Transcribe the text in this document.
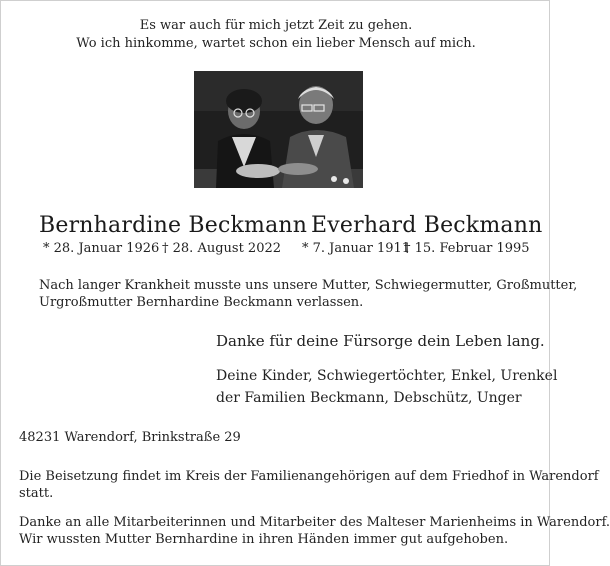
Es war auch für mich jetzt Zeit zu gehen.
Wo ich hinkomme, wartet schon ein lieber Mensch auf mich.
Bernhardine Beckmann
* 28. Januar 1926 † 28. August 2022
Everhard Beckmann
* 7. Januar 1911
† 15. Februar 1995
Nach langer Krankheit musste uns unsere Mutter, Schwiegermutter, Großmutter,
Urgroßmutter Bernhardine Beckmann verlassen.
Danke für deine Fürsorge dein Leben lang.
Deine Kinder, Schwiegertöchter, Enkel, Urenkel
der Familien Beckmann, Debschütz, Unger
48231 Warendorf, Brinkstraße 29
Die Beisetzung findet im Kreis der Familienangehörigen auf dem Friedhof in Warendorf
statt.
Danke an alle Mitarbeiterinnen und Mitarbeiter des Malteser Marienheims in Warendorf.
Wir wussten Mutter Bernhardine in ihren Händen immer gut aufgehoben.
